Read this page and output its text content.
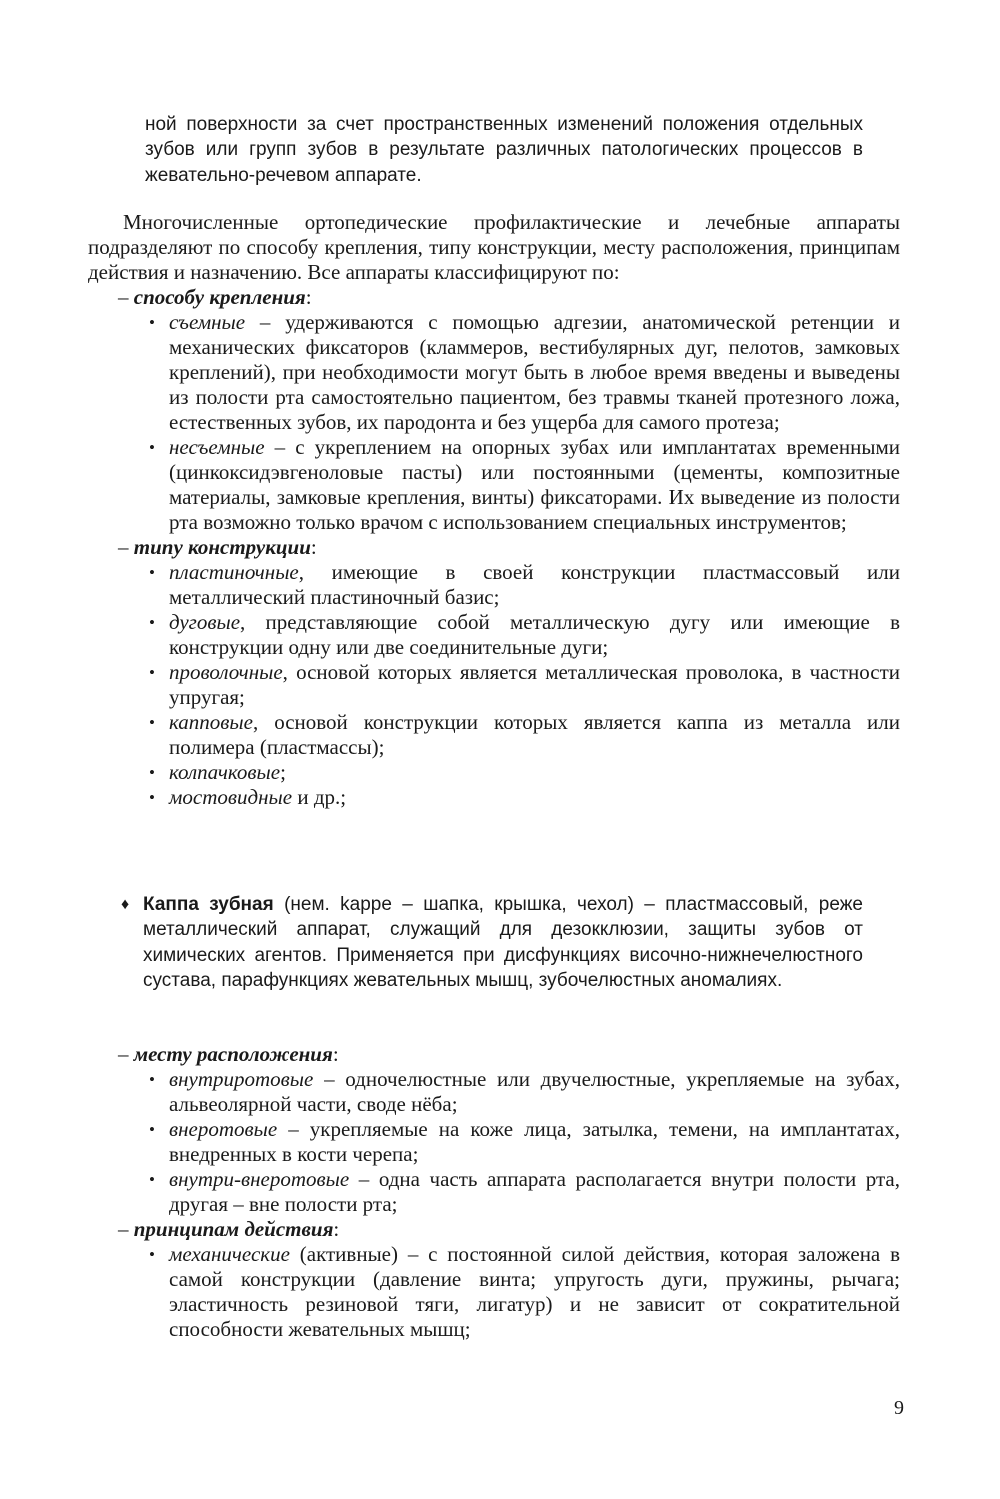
ной поверхности за счет пространственных изменений положения отдельных зубов или групп зубов в результате различных патологических процессов в жевательно-речевом аппарате.

Многочисленные ортопедические профилактические и лечебные аппараты подразделяют по способу крепления, типу конструкции, месту расположения, принципам действия и назначению. Все аппараты классифицируют по:

– способу крепления:

• съемные – удерживаются с помощью адгезии, анатомической ретенции и механических фиксаторов (кламмеров, вестибулярных дуг, пелотов, замковых креплений), при необходимости могут быть в любое время введены и выведены из полости рта самостоятельно пациентом, без травмы тканей протезного ложа, естественных зубов, их пародонта и без ущерба для самого протеза;
• несъемные – с укреплением на опорных зубах или имплантатах временными (цинкоксидэвгеноловые пасты) или постоянными (цементы, композитные материалы, замковые крепления, винты) фиксаторами. Их выведение из полости рта возможно только врачом с использованием специальных инструментов;

– типу конструкции:

• пластиночные, имеющие в своей конструкции пластмассовый или металлический пластиночный базис;
• дуговые, представляющие собой металлическую дугу или имеющие в конструкции одну или две соединительные дуги;
• проволочные, основой которых является металлическая проволока, в частности упругая;
• капповые, основой конструкции которых является каппа из металла или полимера (пластмассы);
• колпачковые;
• мостовидные и др.;
♦ Каппа зубная (нем. kappe – шапка, крышка, чехол) – пластмассовый, реже металлический аппарат, служащий для дезокклюзии, защиты зубов от химических агентов. Применяется при дисфункциях височно-нижнечелюстного сустава, парафункциях жевательных мышц, зубочелюстных аномалиях.

– месту расположения:

• внутриротовые – одночелюстные или двучелюстные, укрепляемые на зубах, альвеолярной части, своде нёба;
• внеротовые – укрепляемые на коже лица, затылка, темени, на имплантатах, внедренных в кости черепа;
• внутри-внеротовые – одна часть аппарата располагается внутри полости рта, другая – вне полости рта;

– принципам действия:

• механические (активные) – с постоянной силой действия, которая заложена в самой конструкции (давление винта; упругость дуги, пружины, рычага; эластичность резиновой тяги, лигатур) и не зависит от сократительной способности жевательных мышц;
9
